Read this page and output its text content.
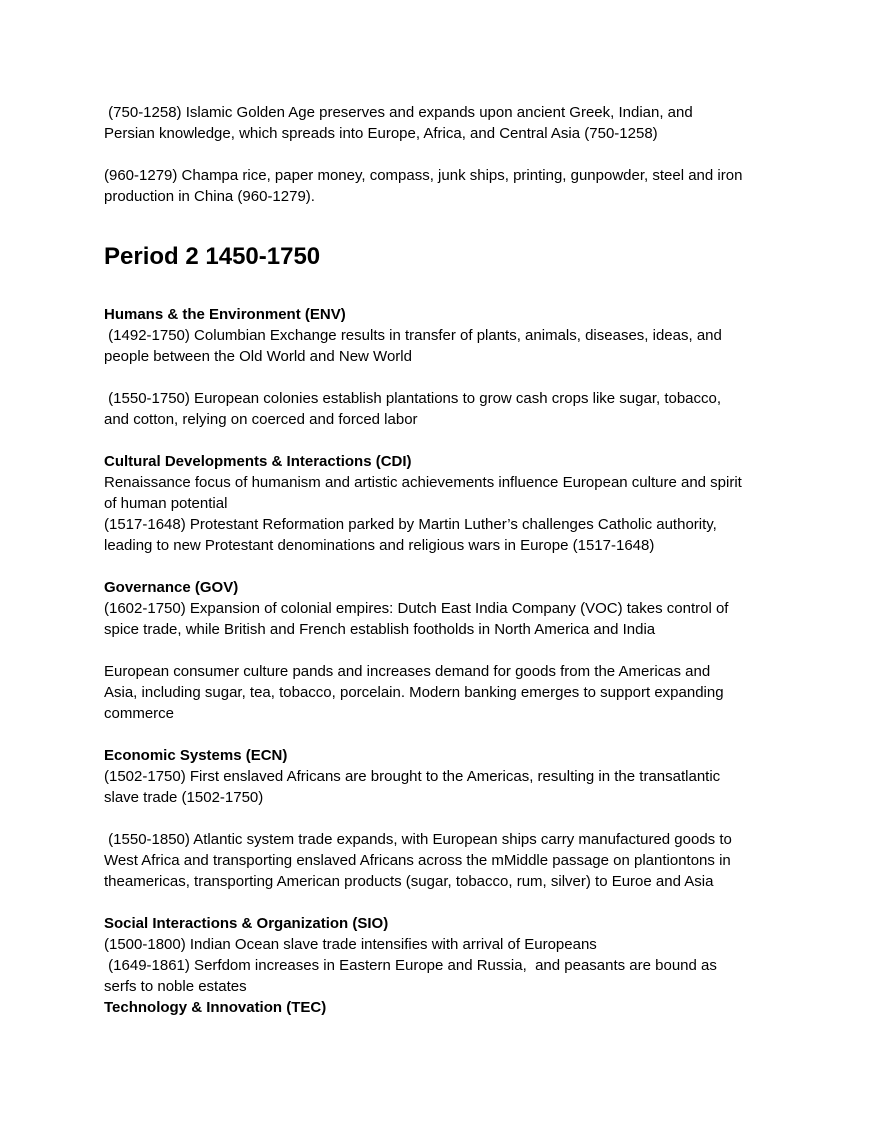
(750-1258) Islamic Golden Age preserves and expands upon ancient Greek, Indian, and
Persian knowledge, which spreads into Europe, Africa, and Central Asia (750-1258)
(960-1279) Champa rice, paper money, compass, junk ships, printing, gunpowder, steel and iron
production in China (960-1279).
Period 2 1450-1750
Humans & the Environment (ENV)
(1492-1750) Columbian Exchange results in transfer of plants, animals, diseases, ideas, and
people between the Old World and New World
(1550-1750) European colonies establish plantations to grow cash crops like sugar, tobacco,
and cotton, relying on coerced and forced labor
Cultural Developments & Interactions (CDI)
Renaissance focus of humanism and artistic achievements influence European culture and spirit
of human potential
(1517-1648) Protestant Reformation parked by Martin Luther’s challenges Catholic authority,
leading to new Protestant denominations and religious wars in Europe (1517-1648)
Governance (GOV)
(1602-1750) Expansion of colonial empires: Dutch East India Company (VOC) takes control of
spice trade, while British and French establish footholds in North America and India
European consumer culture pands and increases demand for goods from the Americas and
Asia, including sugar, tea, tobacco, porcelain. Modern banking emerges to support expanding
commerce
Economic Systems (ECN)
(1502-1750) First enslaved Africans are brought to the Americas, resulting in the transatlantic
slave trade (1502-1750)
(1550-1850) Atlantic system trade expands, with European ships carry manufactured goods to
West Africa and transporting enslaved Africans across the mMiddle passage on plantiontons in
theamericas, transporting American products (sugar, tobacco, rum, silver) to Euroe and Asia
Social Interactions & Organization (SIO)
(1500-1800) Indian Ocean slave trade intensifies with arrival of Europeans
(1649-1861) Serfdom increases in Eastern Europe and Russia,  and peasants are bound as
serfs to noble estates
Technology & Innovation (TEC)
